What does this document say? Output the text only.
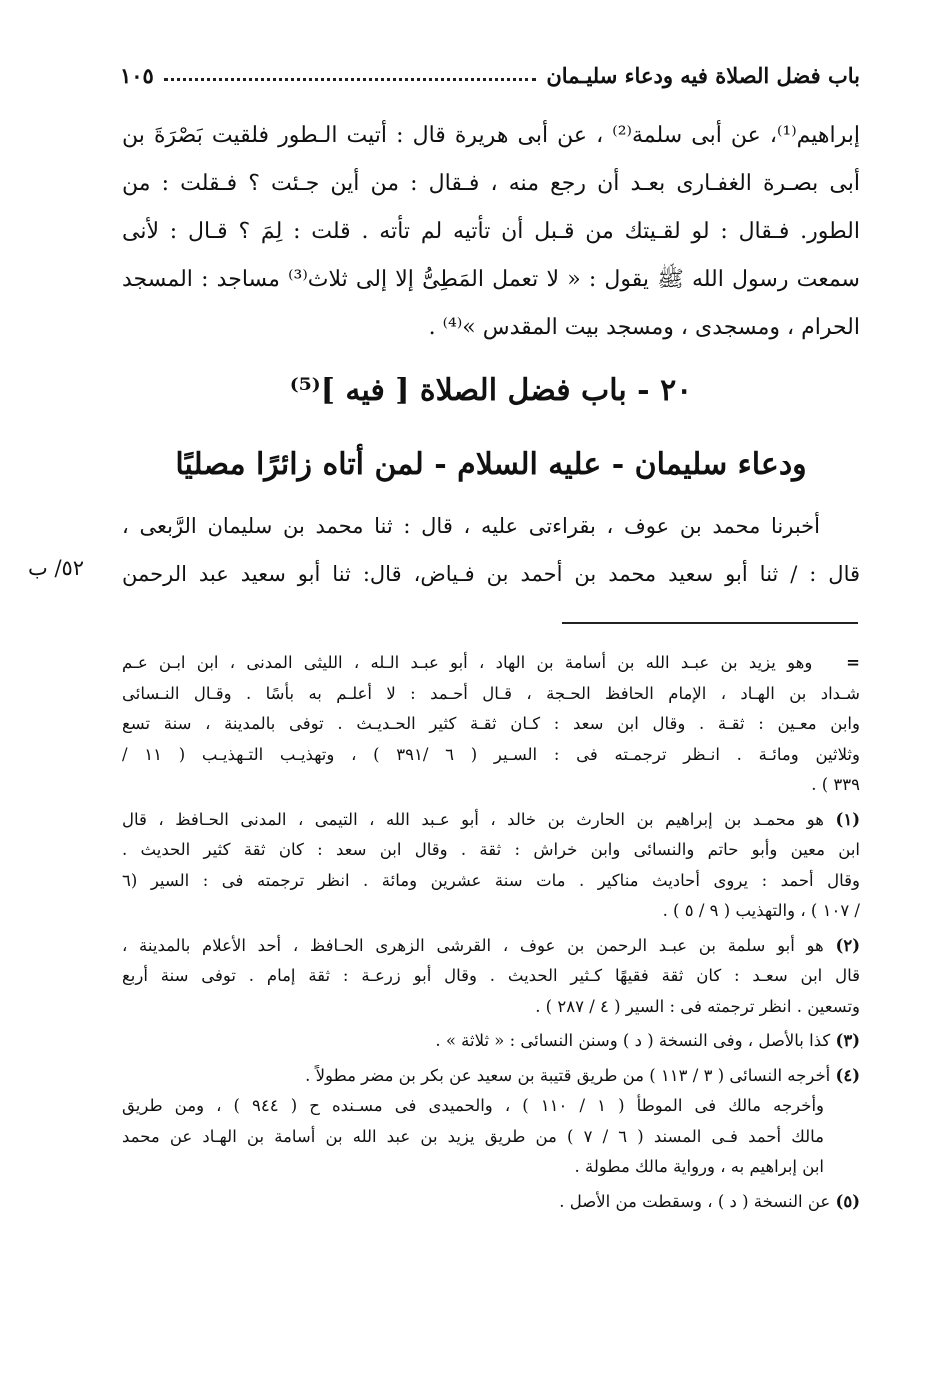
١٠٥	باب فضل الصلاة فيه ودعاء سليـمان
إبراهيم⁽¹⁾، عن أبى سلمة⁽²⁾ ، عن أبى هريرة قال : أتيت الـطور فلقيت بَصْرَةَ بن
أبى بصـرة الغفـارى بعـد أن رجع منه ، فـقال : من أين جـئت ؟ فـقلت : من
الطور. فـقال : لو لقـيتك من قـبل أن تأتيه لم تأته . قلت : لِمَ ؟ قـال : لأنى
سمعت رسول الله ﷺ يقول : « لا تعمل المَطِىُّ إلا إلى ثلاث⁽³⁾ مساجد : المسجد
الحرام ، ومسجدى ، ومسجد بيت المقدس »⁽⁴⁾ .
٢٠ - باب فضل الصلاة [ فيه ]⁽⁵⁾
ودعاء سليمان - عليه السلام - لمن أتاه زائرًا مصليًا
أخبرنا محمد بن عوف ، بقراءتى عليه ، قال : ثنا محمد بن سليمان الرَّبعى ،
قال : / ثنا أبو سعيد محمد بن أحمد بن فـياض، قال: ثنا أبو سعيد عبد الرحمن
٥٢/ ب
=   وهو يزيد بن عبـد الله بن أسامة بن الهاد ، أبو عبـد الـله ، الليثى المدنى ، ابن ابـن عـم
شـداد بن الهـاد ، الإمام الحافظ الحـجة ، قـال أحـمد : لا أعلـم به بأسًا . وقـال النـسائى
وابن معـين : ثقـة . وقال ابن سعد : كـان ثقـة كثير الحـديـث . توفى بالمدينة ، سنة تسع
وثلاثين ومائـة . انـظر ترجمـته فى : السـير ( ٦ /٣٩١ ) ، وتهذيـب التـهذيـب ( ١١ /
٣٣٩ ) .
(١) هو محمـد بن إبراهيم بن الحارث بن خالد ، أبو عـبد الله ، التيمى ، المدنى الحـافظ ، قال
ابن معين وأبو حاتم والنسائى وابن خراش : ثقة . وقال ابن سعد : كان ثقة كثير الحديث .
وقال أحمد : يروى أحاديث مناكير . مات سنة عشرين ومائة . انظر ترجمته فى : السير (٦
/ ١٠٧ ) ، والتهذيب ( ٩ / ٥ ) .
(٢) هو أبو سلمة بن عبـد الرحمن بن عوف ، القرشى الزهرى الحـافظ ، أحد الأعلام بالمدينة ،
قال ابن سعـد : كان ثقة فقيهًا كـثير الحديث . وقال أبو زرعـة : ثقة إمام . توفى سنة أربع
وتسعين . انظر ترجمته فى : السير ( ٤ / ٢٨٧ ) .
(٣) كذا بالأصل ، وفى النسخة ( د ) وسنن النسائى : « ثلاثة » .
(٤) أخرجه النسائى ( ٣ / ١١٣ ) من طريق قتيبة بن سعيد عن بكر بن مضر مطولاً .
وأخرجه مالك فى الموطأ ( ١ / ١١٠ ) ، والحميدى فى مسـنده ح ( ٩٤٤ ) ، ومن طريق
مالك أحمد فـى المسند ( ٦ / ٧ ) من طريق يزيد بن عبد الله بن أسامة بن الهـاد عن محمد
ابن إبراهيم به ، ورواية مالك مطولة .
(٥) عن النسخة ( د ) ، وسقطت من الأصل .
